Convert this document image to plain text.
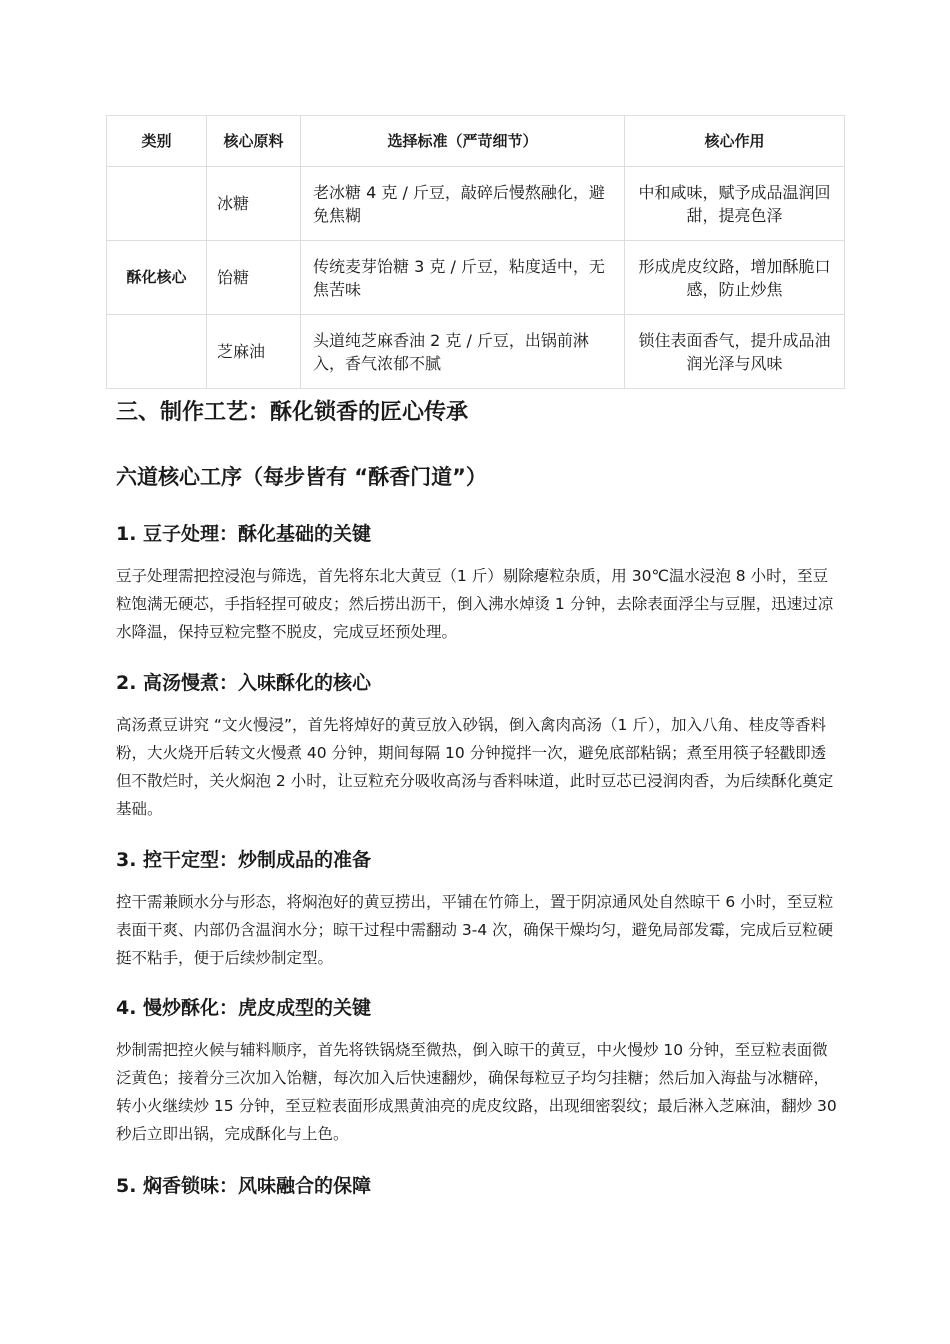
类别	核心原料	选择标准（严苛细节）	核心作用
	冰糖	老冰糖 4 克 / 斤豆，敲碎后慢熬融化，避免焦糊	中和咸味，赋予成品温润回甜，提亮色泽
酥化核心	饴糖	传统麦芽饴糖 3 克 / 斤豆，粘度适中，无焦苦味	形成虎皮纹路，增加酥脆口感，防止炒焦
	芝麻油	头道纯芝麻香油 2 克 / 斤豆，出锅前淋入，香气浓郁不腻	锁住表面香气，提升成品油润光泽与风味
三、制作工艺：酥化锁香的匠心传承
六道核心工序（每步皆有 “酥香门道”）
1. 豆子处理：酥化基础的关键

豆子处理需把控浸泡与筛选，首先将东北大黄豆（1 斤）剔除瘪粒杂质，用 30℃温水浸泡 8 小时，至豆粒饱满无硬芯，手指轻捏可破皮；然后捞出沥干，倒入沸水焯烫 1 分钟，去除表面浮尘与豆腥，迅速过凉水降温，保持豆粒完整不脱皮，完成豆坯预处理。

2. 高汤慢煮：入味酥化的核心

高汤煮豆讲究 “文火慢浸”，首先将焯好的黄豆放入砂锅，倒入禽肉高汤（1 斤），加入八角、桂皮等香料粉，大火烧开后转文火慢煮 40 分钟，期间每隔 10 分钟搅拌一次，避免底部粘锅；煮至用筷子轻戳即透但不散烂时，关火焖泡 2 小时，让豆粒充分吸收高汤与香料味道，此时豆芯已浸润肉香，为后续酥化奠定基础。

3. 控干定型：炒制成品的准备

控干需兼顾水分与形态，将焖泡好的黄豆捞出，平铺在竹筛上，置于阴凉通风处自然晾干 6 小时，至豆粒表面干爽、内部仍含温润水分；晾干过程中需翻动 3-4 次，确保干燥均匀，避免局部发霉，完成后豆粒硬挺不粘手，便于后续炒制定型。

4. 慢炒酥化：虎皮成型的关键

炒制需把控火候与辅料顺序，首先将铁锅烧至微热，倒入晾干的黄豆，中火慢炒 10 分钟，至豆粒表面微泛黄色；接着分三次加入饴糖，每次加入后快速翻炒，确保每粒豆子均匀挂糖；然后加入海盐与冰糖碎，转小火继续炒 15 分钟，至豆粒表面形成黑黄油亮的虎皮纹路，出现细密裂纹；最后淋入芝麻油，翻炒 30 秒后立即出锅，完成酥化与上色。

5. 焖香锁味：风味融合的保障
